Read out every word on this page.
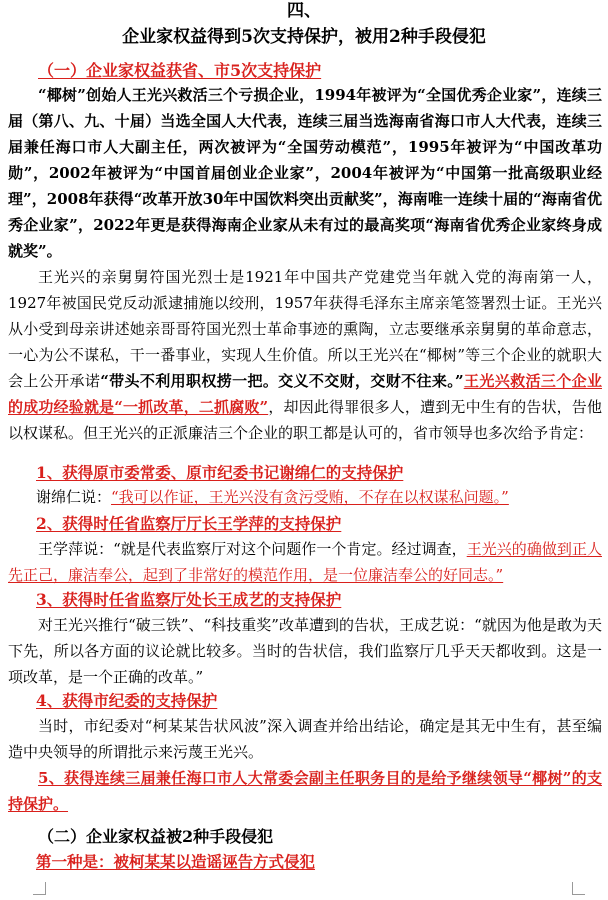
四、
企业家权益得到5次支持保护，被用2种手段侵犯
（一）企业家权益获省、市5次支持保护
“椰树”创始人王光兴救活三个亏损企业，1994年被评为“全国优秀企业家”，连续三届（第八、九、十届）当选全国人大代表，连续三届当选海南省海口市人大代表，连续三届兼任海口市人大副主任，两次被评为“全国劳动模范”，1995年被评为“中国改革功勋”，2002年被评为“中国首届创业企业家”，2004年被评为“中国第一批高级职业经理”，2008年获得“改革开放30年中国饮料突出贡献奖”，海南唯一连续十届的“海南省优秀企业家”，2022年更是获得海南企业家从未有过的最高奖项“海南省优秀企业家终身成就奖”。
王光兴的亲舅舅符国光烈士是1921年中国共产党建党当年就入党的海南第一人，1927年被国民党反动派逮捕施以绞刑，1957年获得毛泽东主席亲笔签署烈士证。王光兴从小受到母亲讲述她亲哥哥符国光烈士革命事迹的熏陶，立志要继承亲舅舅的革命意志，一心为公不谋私，干一番事业，实现人生价值。所以王光兴在“椰树”等三个企业的就职大会上公开承诺“带头不利用职权捞一把。交义不交财，交财不往来。”王光兴救活三个企业的成功经验就是“一抓改革，二抓腐败”，却因此得罪很多人，遭到无中生有的告状，告他以权谋私。但王光兴的正派廉洁三个企业的职工都是认可的，省市领导也多次给予肯定：
1、获得原市委常委、原市纪委书记谢绵仁的支持保护
谢绵仁说：“我可以作证，王光兴没有贪污受贿，不存在以权谋私问题。”
2、获得时任省监察厅厅长王学萍的支持保护
王学萍说：“就是代表监察厅对这个问题作一个肯定。经过调查，王光兴的确做到正人先正己，廉洁奉公，起到了非常好的模范作用，是一位廉洁奉公的好同志。”
3、获得时任省监察厅处长王成艺的支持保护
对王光兴推行“破三铁”、“科技重奖”改革遭到的告状，王成艺说：“就因为他是敢为天下先，所以各方面的议论就比较多。当时的告状信，我们监察厅几乎天天都收到。这是一项改革，是一个正确的改革。”
4、获得市纪委的支持保护
当时，市纪委对“柯某某告状风波”深入调查并给出结论，确定是其无中生有，甚至编造中央领导的所谓批示来污蔑王光兴。
5、获得连续三届兼任海口市人大常委会副主任职务目的是给予继续领导“椰树”的支持保护。
（二）企业家权益被2种手段侵犯
第一种是：被柯某某以造谣诬告方式侵犯
